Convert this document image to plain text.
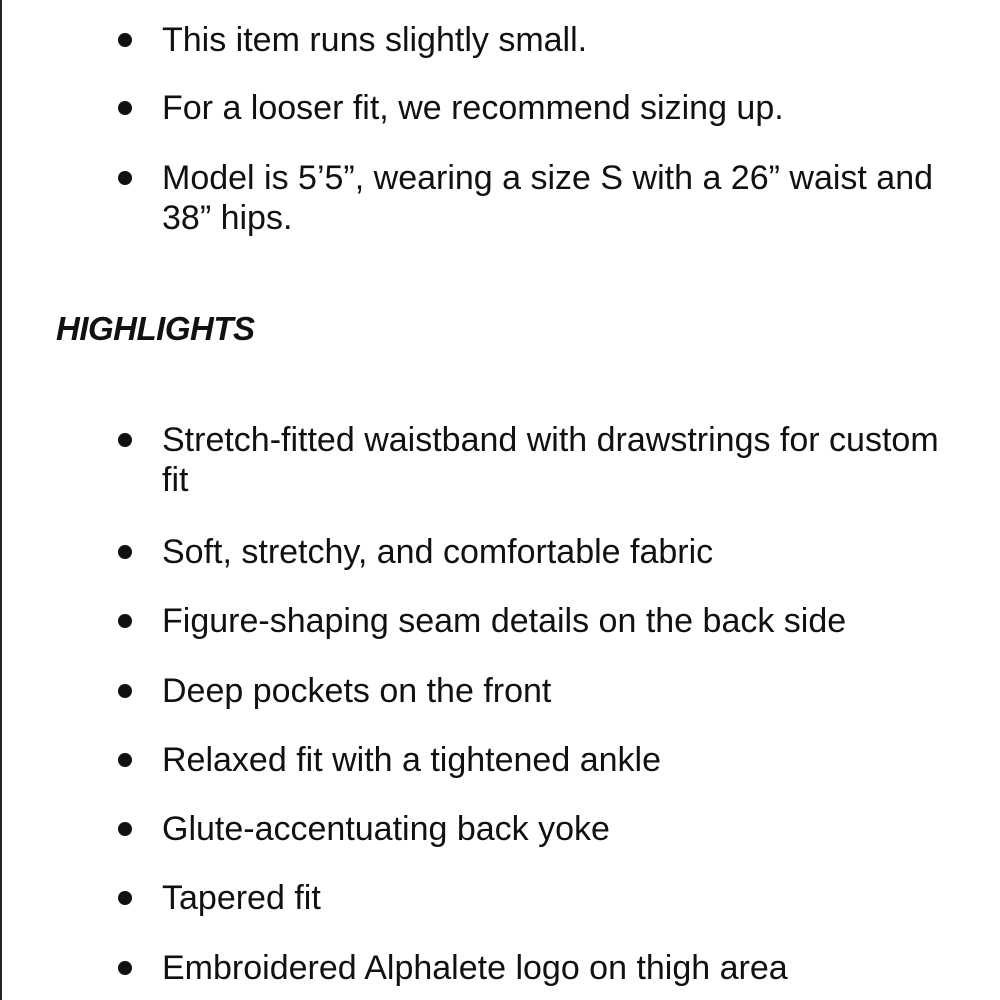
This item runs slightly small.
For a looser fit, we recommend sizing up.
Model is 5’5”, wearing a size S with a 26” waist and 38” hips.
HIGHLIGHTS
Stretch-fitted waistband with drawstrings for custom fit
Soft, stretchy, and comfortable fabric
Figure-shaping seam details on the back side
Deep pockets on the front
Relaxed fit with a tightened ankle
Glute-accentuating back yoke
Tapered fit
Embroidered Alphalete logo on thigh area
